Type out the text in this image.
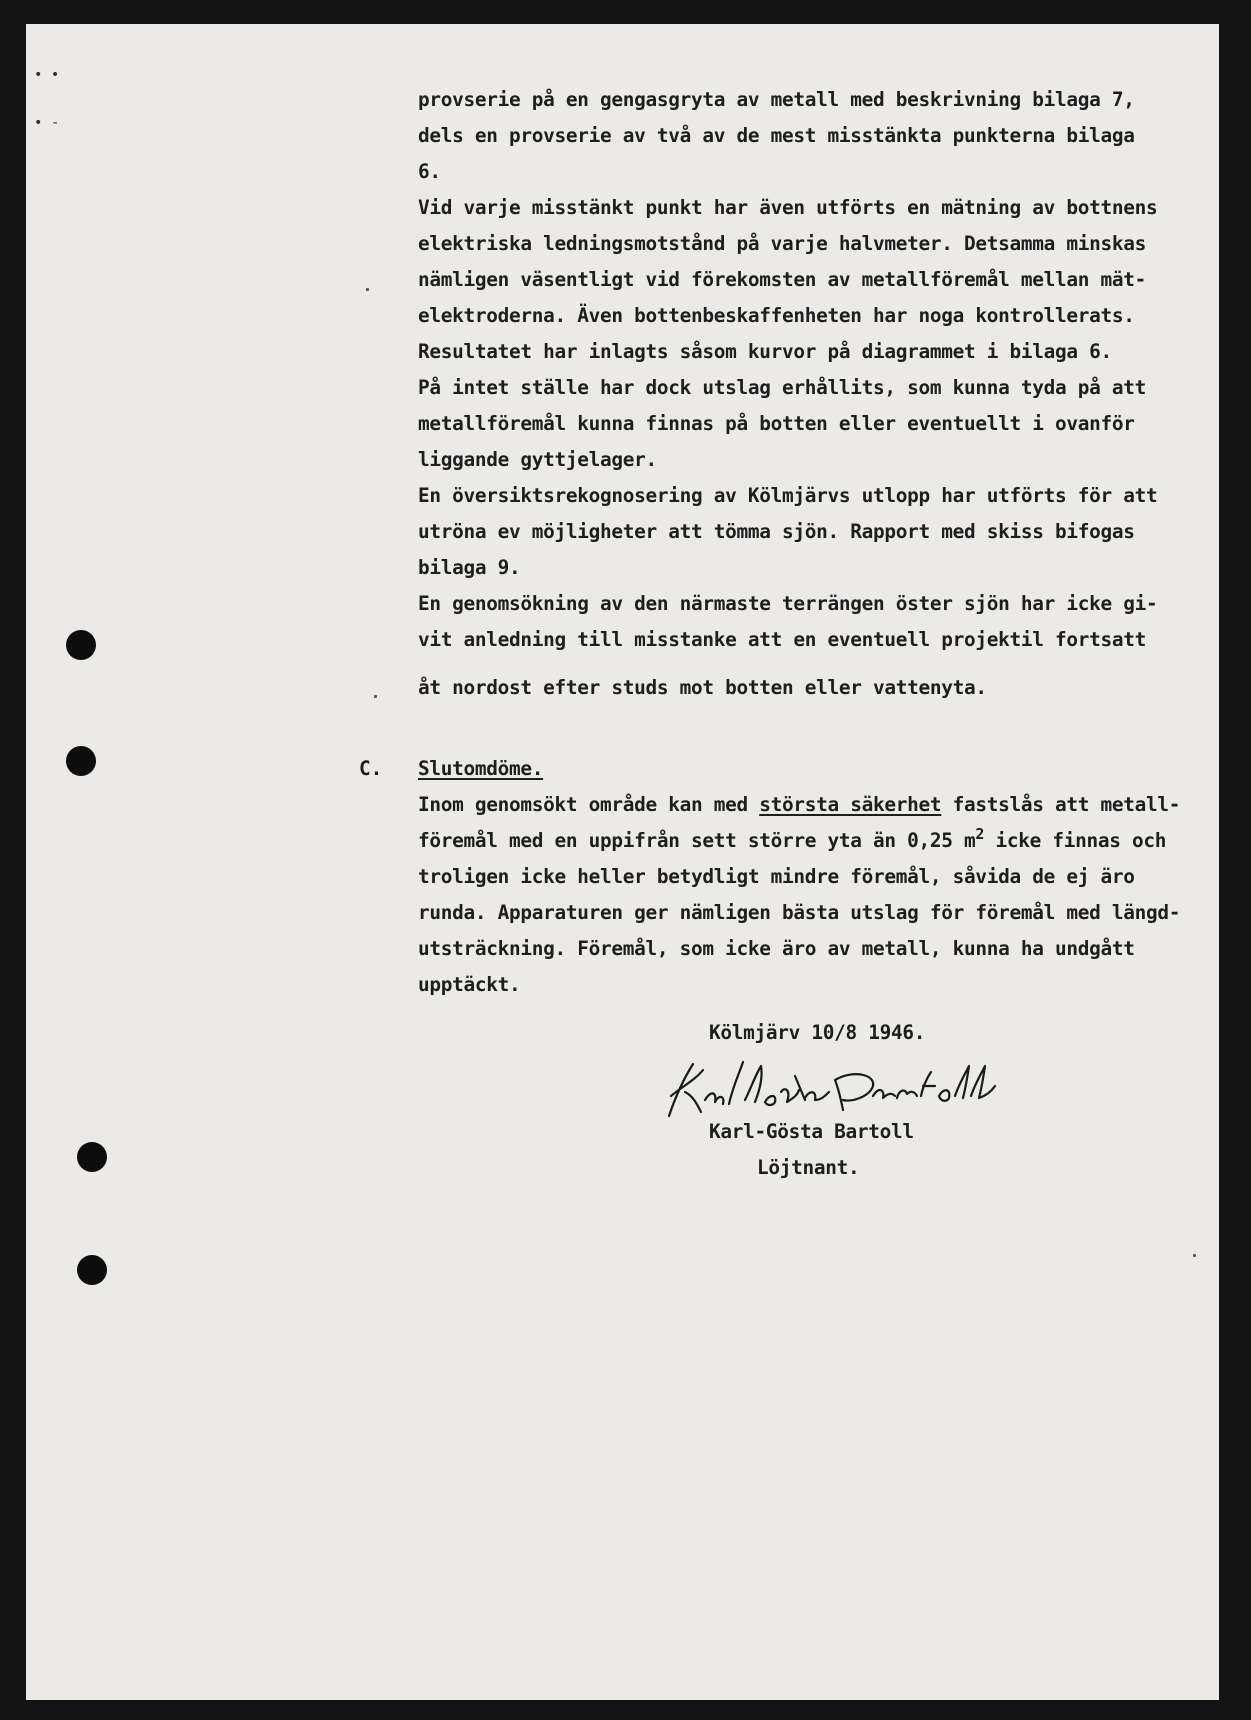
• •
• -
provserie på en gengasgryta av metall med beskrivning bilaga 7,
dels en provserie av två av de mest misstänkta punkterna bilaga
6.
Vid varje misstänkt punkt har även utförts en mätning av bottnens
elektriska ledningsmotstånd på varje halvmeter. Detsamma minskas
nämligen väsentligt vid förekomsten av metallföremål mellan mät-
elektroderna. Även bottenbeskaffenheten har noga kontrollerats.
Resultatet har inlagts såsom kurvor på diagrammet i bilaga 6.
På intet ställe har dock utslag erhållits, som kunna tyda på att
metallföremål kunna finnas på botten eller eventuellt i ovanför
liggande gyttjelager.
En översiktsrekognosering av Kölmjärvs utlopp har utförts för att
utröna ev möjligheter att tömma sjön. Rapport med skiss bifogas
bilaga 9.
En genomsökning av den närmaste terrängen öster sjön har icke gi-
vit anledning till misstanke att en eventuell projektil fortsatt
åt nordost efter studs mot botten eller vattenyta.
Slutomdöme.
Inom genomsökt område kan med största säkerhet fastslås att metall-
föremål med en uppifrån sett större yta än 0,25 $m^2$ icke finnas och
troligen icke heller betydligt mindre föremål, såvida de ej äro
runda. Apparaturen ger nämligen bästa utslag för föremål med längd-
utsträckning. Föremål, som icke äro av metall, kunna ha undgått
upptäckt.
Kölmjärv 10/8 1946.
Karl-Gösta Bartoll
Löjtnant.
C.
Karl Gösta Bartoll
